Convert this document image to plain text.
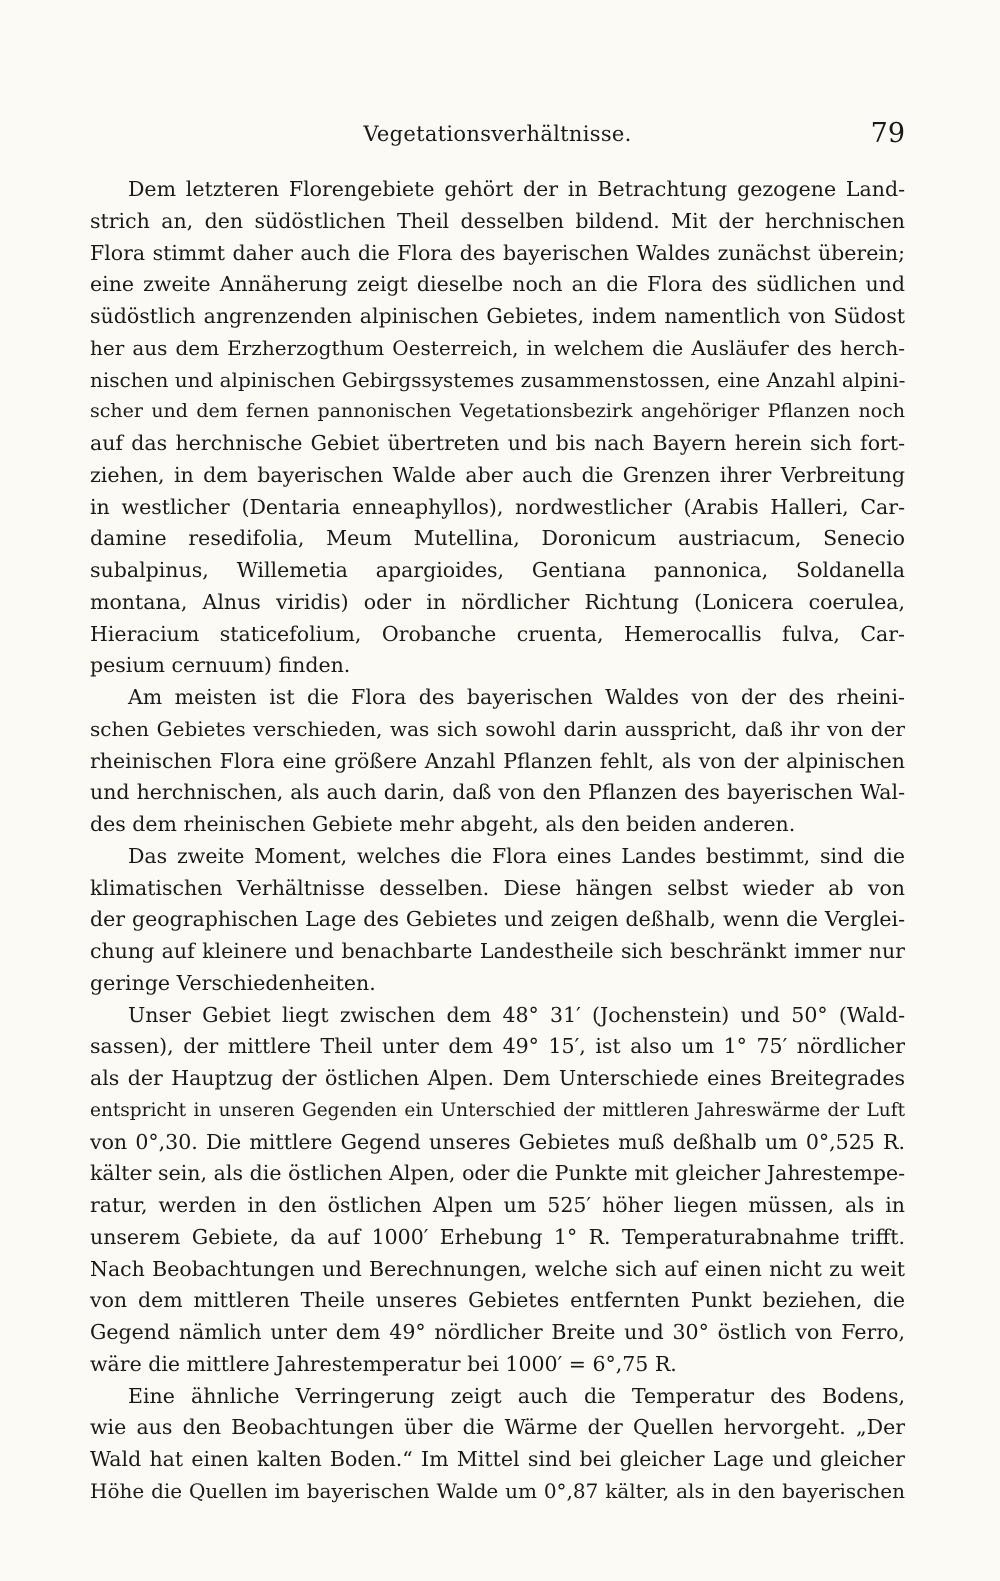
Vegetationsverhältnisse.	79
Dem letzteren Florengebiete gehört der in Betrachtung gezogene Land-
strich an, den südöstlichen Theil desselben bildend. Mit der herchnischen
Flora stimmt daher auch die Flora des bayerischen Waldes zunächst überein;
eine zweite Annäherung zeigt dieselbe noch an die Flora des südlichen und
südöstlich angrenzenden alpinischen Gebietes, indem namentlich von Südost
her aus dem Erzherzogthum Oesterreich, in welchem die Ausläufer des herch-
nischen und alpinischen Gebirgssystemes zusammenstossen, eine Anzahl alpini-
scher und dem fernen pannonischen Vegetationsbezirk angehöriger Pflanzen noch
auf das herchnische Gebiet übertreten und bis nach Bayern herein sich fort-
ziehen, in dem bayerischen Walde aber auch die Grenzen ihrer Verbreitung
in westlicher (Dentaria enneaphyllos), nordwestlicher (Arabis Halleri, Car-
damine resedifolia, Meum Mutellina, Doronicum austriacum, Senecio
subalpinus, Willemetia apargioides, Gentiana pannonica, Soldanella
montana, Alnus viridis) oder in nördlicher Richtung (Lonicera coerulea,
Hieracium staticefolium, Orobanche cruenta, Hemerocallis fulva, Car-
pesium cernuum) finden.
Am meisten ist die Flora des bayerischen Waldes von der des rheini-
schen Gebietes verschieden, was sich sowohl darin ausspricht, daß ihr von der
rheinischen Flora eine größere Anzahl Pflanzen fehlt, als von der alpinischen
und herchnischen, als auch darin, daß von den Pflanzen des bayerischen Wal-
des dem rheinischen Gebiete mehr abgeht, als den beiden anderen.
Das zweite Moment, welches die Flora eines Landes bestimmt, sind die
klimatischen Verhältnisse desselben. Diese hängen selbst wieder ab von
der geographischen Lage des Gebietes und zeigen deßhalb, wenn die Verglei-
chung auf kleinere und benachbarte Landestheile sich beschränkt immer nur
geringe Verschiedenheiten.
Unser Gebiet liegt zwischen dem 48° 31′ (Jochenstein) und 50° (Wald-
sassen), der mittlere Theil unter dem 49° 15′, ist also um 1° 75′ nördlicher
als der Hauptzug der östlichen Alpen. Dem Unterschiede eines Breitegrades
entspricht in unseren Gegenden ein Unterschied der mittleren Jahreswärme der Luft
von 0°,30. Die mittlere Gegend unseres Gebietes muß deßhalb um 0°,525 R.
kälter sein, als die östlichen Alpen, oder die Punkte mit gleicher Jahrestempe-
ratur, werden in den östlichen Alpen um 525′ höher liegen müssen, als in
unserem Gebiete, da auf 1000′ Erhebung 1° R. Temperaturabnahme trifft.
Nach Beobachtungen und Berechnungen, welche sich auf einen nicht zu weit
von dem mittleren Theile unseres Gebietes entfernten Punkt beziehen, die
Gegend nämlich unter dem 49° nördlicher Breite und 30° östlich von Ferro,
wäre die mittlere Jahrestemperatur bei 1000′ = 6°,75 R.
Eine ähnliche Verringerung zeigt auch die Temperatur des Bodens,
wie aus den Beobachtungen über die Wärme der Quellen hervorgeht. „Der
Wald hat einen kalten Boden.“ Im Mittel sind bei gleicher Lage und gleicher
Höhe die Quellen im bayerischen Walde um 0°,87 kälter, als in den bayerischen
